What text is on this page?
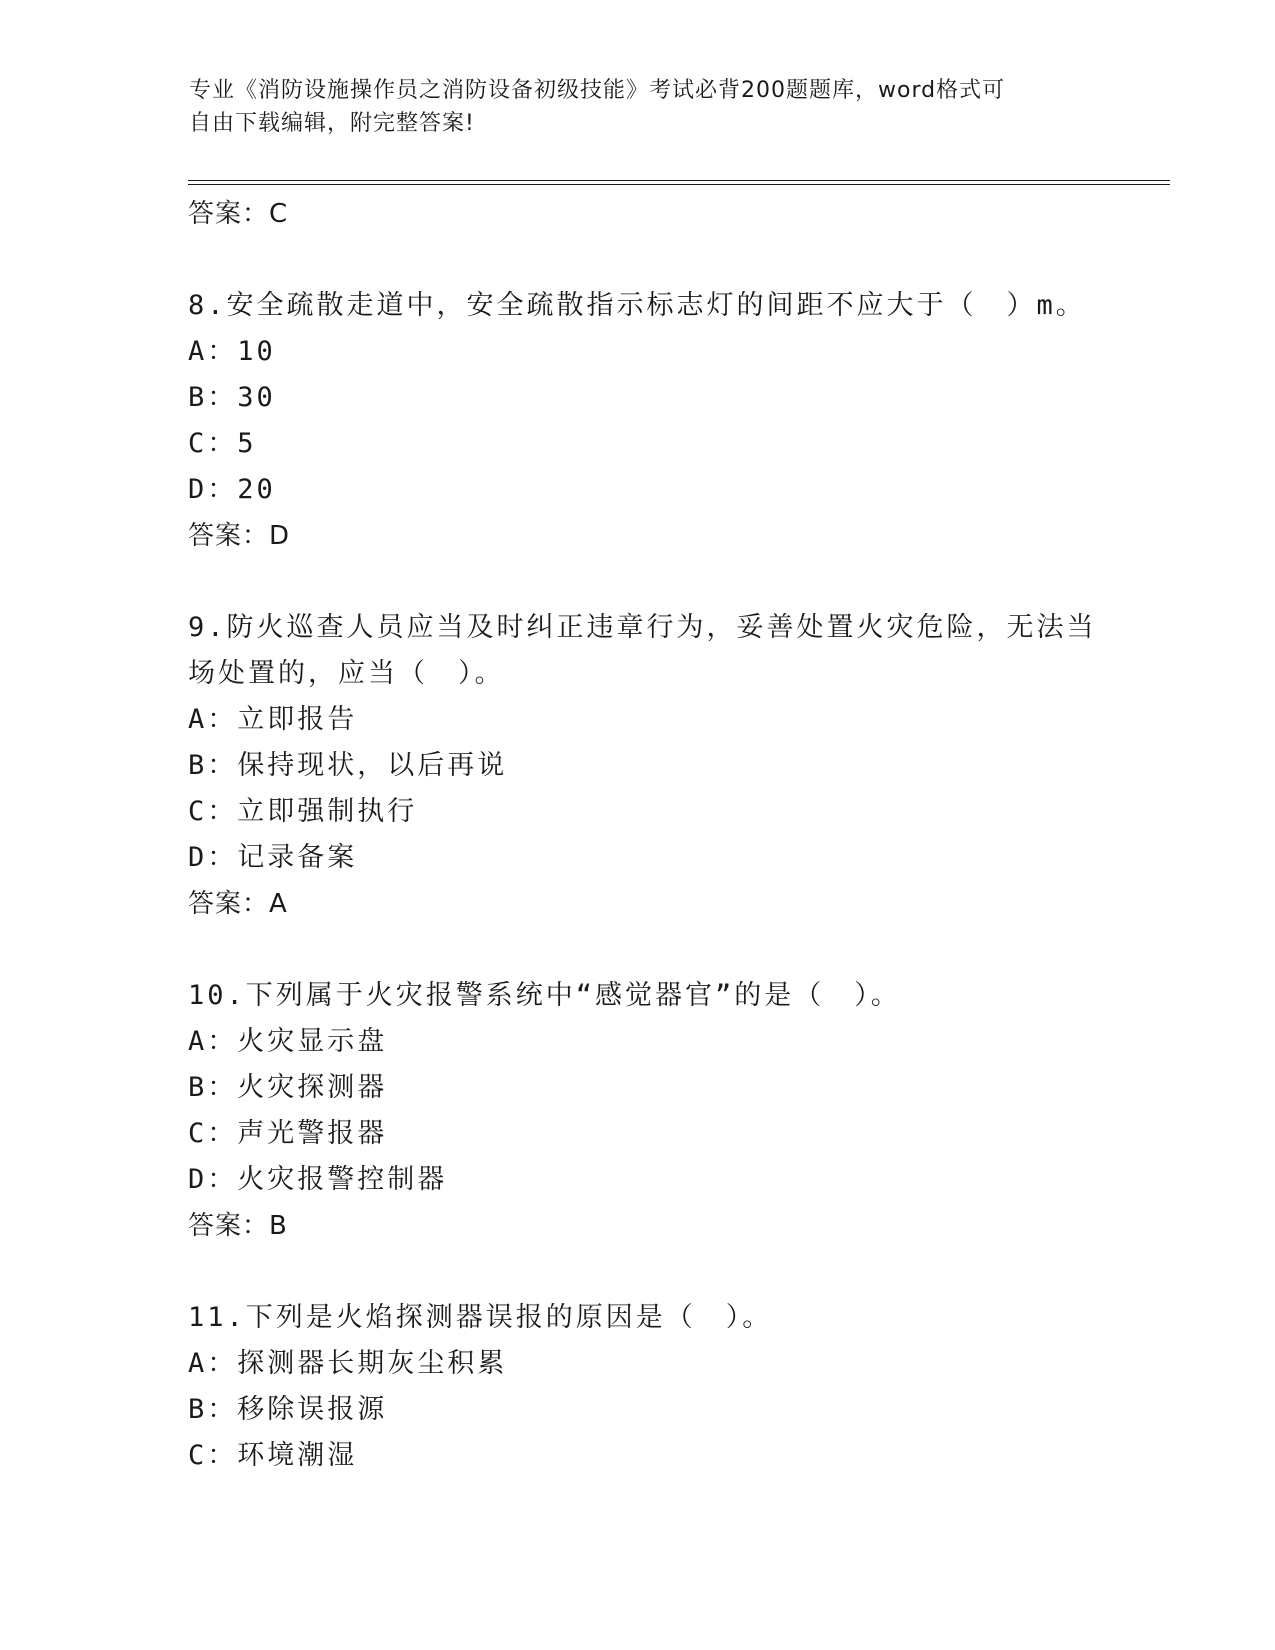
专业《消防设施操作员之消防设备初级技能》考试必背200题题库，word格式可
自由下载编辑，附完整答案!
答案：C
8.安全疏散走道中，安全疏散指示标志灯的间距不应大于（　）m。
A：10
B：30
C：5
D：20
答案：D
9.防火巡查人员应当及时纠正违章行为，妥善处置火灾危险，无法当
场处置的，应当（　）。
A：立即报告
B：保持现状，以后再说
C：立即强制执行
D：记录备案
答案：A
10.下列属于火灾报警系统中“感觉器官”的是（　）。
A：火灾显示盘
B：火灾探测器
C：声光警报器
D：火灾报警控制器
答案：B
11.下列是火焰探测器误报的原因是（　）。
A：探测器长期灰尘积累
B：移除误报源
C：环境潮湿
